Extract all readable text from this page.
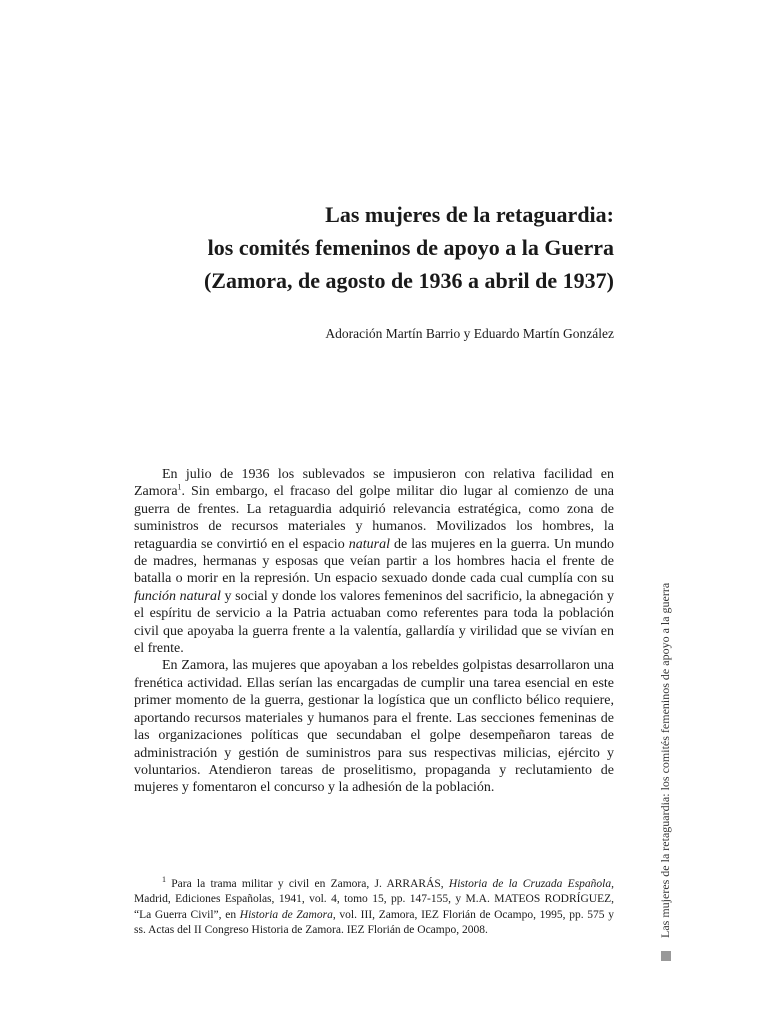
Las mujeres de la retaguardia:
los comités femeninos de apoyo a la Guerra
(Zamora, de agosto de 1936 a abril de 1937)
Adoración Martín Barrio y Eduardo Martín González

En julio de 1936 los sublevados se impusieron con relativa facilidad en Zamora$^1$. Sin embargo, el fracaso del golpe militar dio lugar al comienzo de una guerra de frentes. La retaguardia adquirió relevancia estratégica, como zona de suministros de recursos materiales y humanos. Movilizados los hombres, la retaguardia se convirtió en el espacio natural de las mujeres en la guerra. Un mundo de madres, hermanas y esposas que veían partir a los hombres hacia el frente de batalla o morir en la represión. Un espacio sexuado donde cada cual cumplía con su función natural y social y donde los valores femeninos del sacrificio, la abnegación y el espíritu de servicio a la Patria actuaban como referentes para toda la población civil que apoyaba la guerra frente a la valentía, gallardía y virilidad que se vivían en el frente.

En Zamora, las mujeres que apoyaban a los rebeldes golpistas desarrollaron una frenética actividad. Ellas serían las encargadas de cumplir una tarea esencial en este primer momento de la guerra, gestionar la logística que un conflicto bélico requiere, aportando recursos materiales y humanos para el frente. Las secciones femeninas de las organizaciones políticas que secundaban el golpe desempeñaron tareas de administración y gestión de suministros para sus respectivas milicias, ejército y voluntarios. Atendieron tareas de proselitismo, propaganda y reclutamiento de mujeres y fomentaron el concurso y la adhesión de la población.

$^1$ Para la trama militar y civil en Zamora, J. ARRARÁS, Historia de la Cruzada Española, Madrid, Ediciones Españolas, 1941, vol. 4, tomo 15, pp. 147-155, y M.A. MATEOS RODRÍGUEZ, “La Guerra Civil”, en Historia de Zamora, vol. III, Zamora, IEZ Florián de Ocampo, 1995, pp. 575 y ss. Actas del II Congreso Historia de Zamora. IEZ Florián de Ocampo, 2008.	Las mujeres de la retaguardia: los comités femeninos de apoyo a la guerra
